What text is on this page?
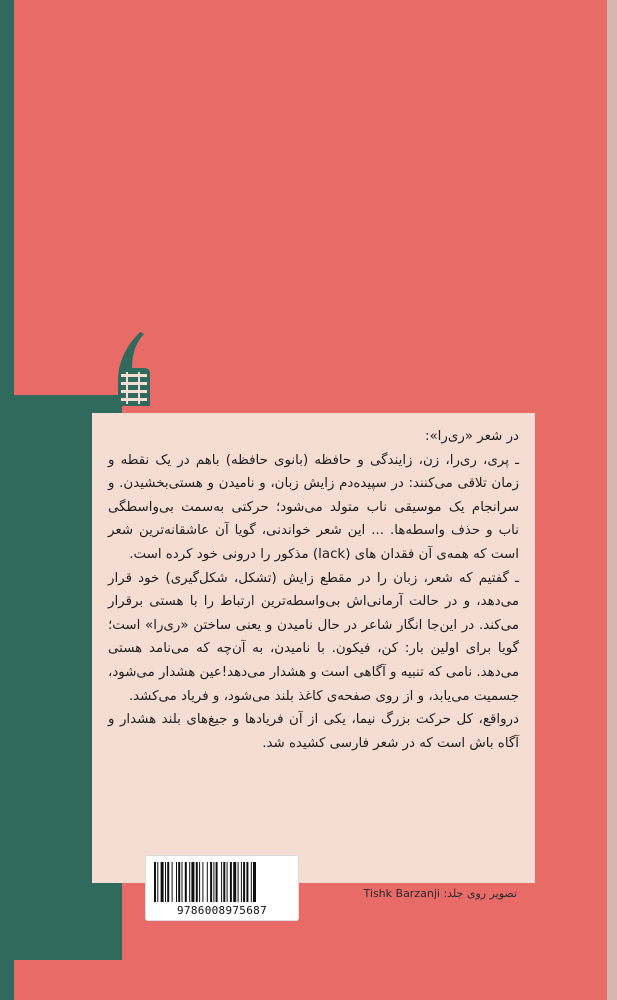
در شعر «ری‌را»:

ـ پری، ری‌را، زن، زایندگی و حافظه (بانوی حافظه) باهم در یک نقطه و زمان تلاقی می‌کنند: در سپیده‌دم زایش زبان، و نامیدن و هستی‌بخشیدن. و سرانجام یک موسیقی ناب متولد می‌شود؛ حرکتی به‌سمت بی‌واسطگی ناب و حذف واسطه‌ها. ... این شعر خواندنی، گویا آن عاشقانه‌ترین شعر است که همه‌ی آن فقدان های (lack) مذکور را درونی خود کرده است.

ـ گفتیم که شعر، زبان را در مقطع زایش (تشکل، شکل‌گیری) خود قرار می‌دهد، و در حالت آرمانی‌اش بی‌واسطه‌ترین ارتباط را با هستی برقرار می‌کند. در این‌جا انگار شاعر در حال نامیدن و یعنی ساختن «ری‌را» است؛گویا برای اولین بار: کن، فیکون. با نامیدن، به آن‌چه که می‌نامد هستی می‌دهد. نامی که تنبیه و آگاهی است و هشدار می‌دهد!عین هشدار می‌شود، جسمیت می‌یابد، و از روی صفحه‌ی کاغذ بلند می‌شود، و فریاد می‌کشد.

درواقع، کل حرکت بزرگ نیما، یکی از آن فریادها و جیغ‌های بلند هشدار و آگاه باش است که در شعر فارسی کشیده شد.

9786008975687
تصویر روی جلد: Tishk Barzanji
